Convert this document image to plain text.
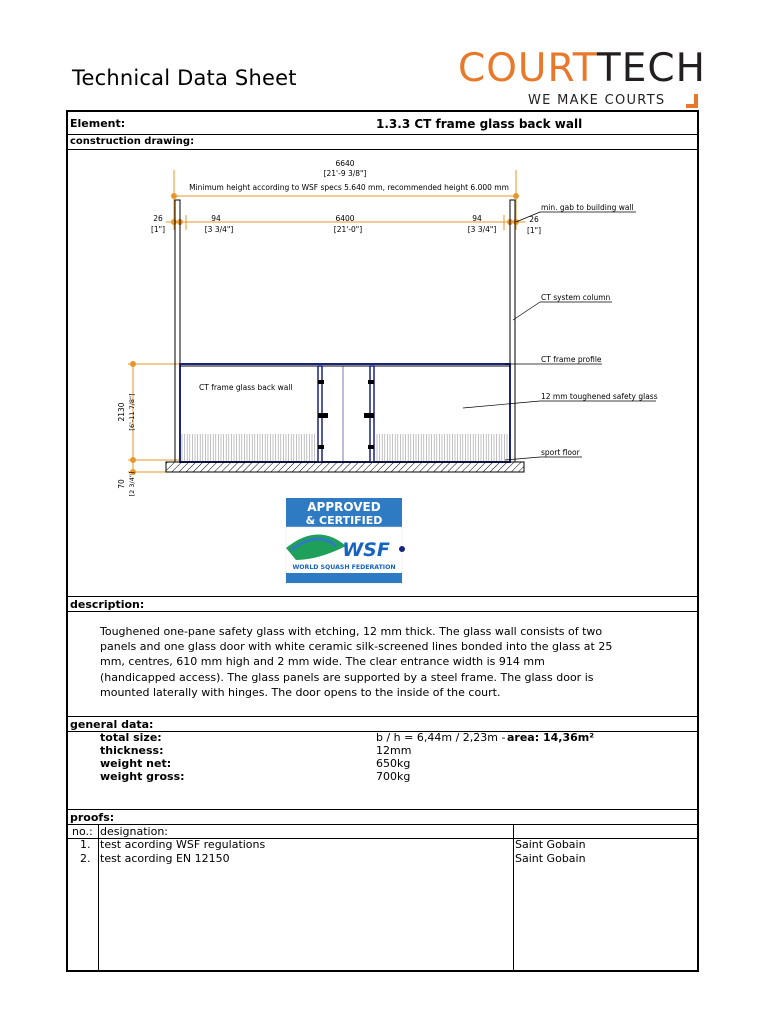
Technical Data Sheet	COURTTECH
WE MAKE COURTS
Element:	1.3.3 CT frame glass back wall
construction drawing:
6640
[21'-9 3/8"]
Minimum height according to WSF specs 5.640 mm, recommended height 6.000 mm
26
[1"]
94
[3 3/4"]
6400
[21'-0"]
94
[3 3/4"]
26
[1"]
min. gab to building wall
CT system column
CT frame profile
12 mm toughened safety glass
sport floor
CT frame glass back wall
2130 [6'-11 7/8"]
70 [2 3/4"]
APPROVED
& CERTIFIED
WSF
WORLD SQUASH FEDERATION
description:
Toughened one-pane safety glass with etching, 12 mm thick. The glass wall consists of two panels and one glass door with white ceramic silk-screened lines bonded into the glass at 25 mm, centres, 610 mm high and 2 mm wide. The clear entrance width is 914 mm (handicapped access). The glass panels are supported by a steel frame. The glass door is mounted laterally with hinges. The door opens to the inside of the court.
general data:
total size:	b / h = 6,44m / 2,23m - area: 14,36m²
thickness:	12mm
weight net:	650kg
weight gross:	700kg
proofs:
no.: designation:
1. test acording WSF regulations	Saint Gobain
2. test acording EN 12150	Saint Gobain
